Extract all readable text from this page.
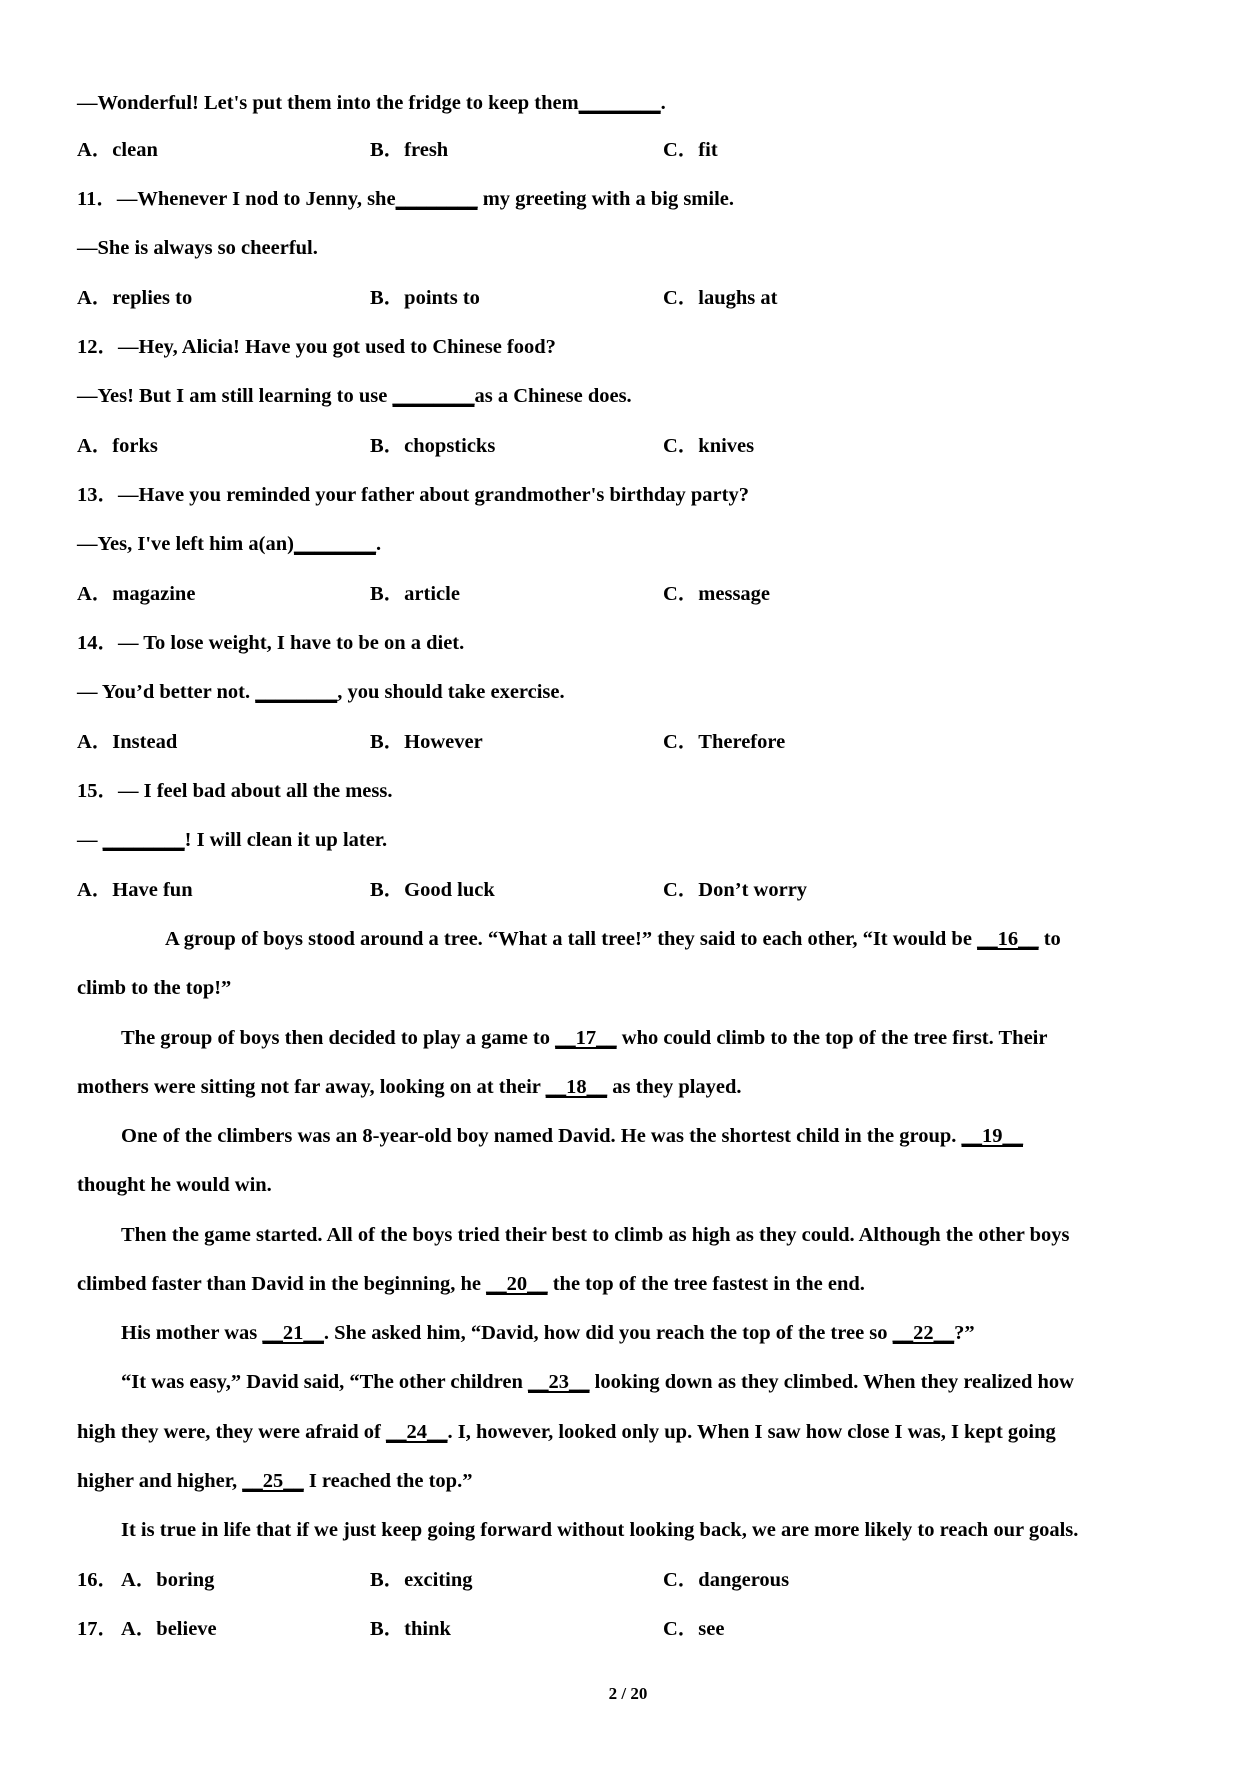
—Wonderful! Let's put them into the fridge to keep them________.
A．clean	B．fresh	C．fit
11．—Whenever I nod to Jenny, she________ my greeting with a big smile.
—She is always so cheerful.
A．replies to	B．points to	C．laughs at
12．—Hey, Alicia! Have you got used to Chinese food?
—Yes! But I am still learning to use ________as a Chinese does.
A．forks	B．chopsticks	C．knives
13．—Have you reminded your father about grandmother's birthday party?
—Yes, I've left him a(an)________.
A．magazine	B．article	C．message
14．— To lose weight, I have to be on a diet.
— You’d better not. ________, you should take exercise.
A．Instead	B．However	C．Therefore
15．— I feel bad about all the mess.
— ________! I will clean it up later.
A．Have fun	B．Good luck	C．Don’t worry
A group of boys stood around a tree. “What a tall tree!” they said to each other, “It would be __16__ to
climb to the top!”
The group of boys then decided to play a game to __17__ who could climb to the top of the tree first. Their
mothers were sitting not far away, looking on at their __18__ as they played.
One of the climbers was an 8-year-old boy named David. He was the shortest child in the group. __19__
thought he would win.
Then the game started. All of the boys tried their best to climb as high as they could. Although the other boys
climbed faster than David in the beginning, he __20__ the top of the tree fastest in the end.
His mother was __21__. She asked him, “David, how did you reach the top of the tree so __22__?”
“It was easy,” David said, “The other children __23__ looking down as they climbed. When they realized how
high they were, they were afraid of __24__. I, however, looked only up. When I saw how close I was, I kept going
higher and higher, __25__ I reached the top.”
It is true in life that if we just keep going forward without looking back, we are more likely to reach our goals.
16． A．boring	B．exciting	C．dangerous
17． A．believe	B．think	C．see
2 / 20
